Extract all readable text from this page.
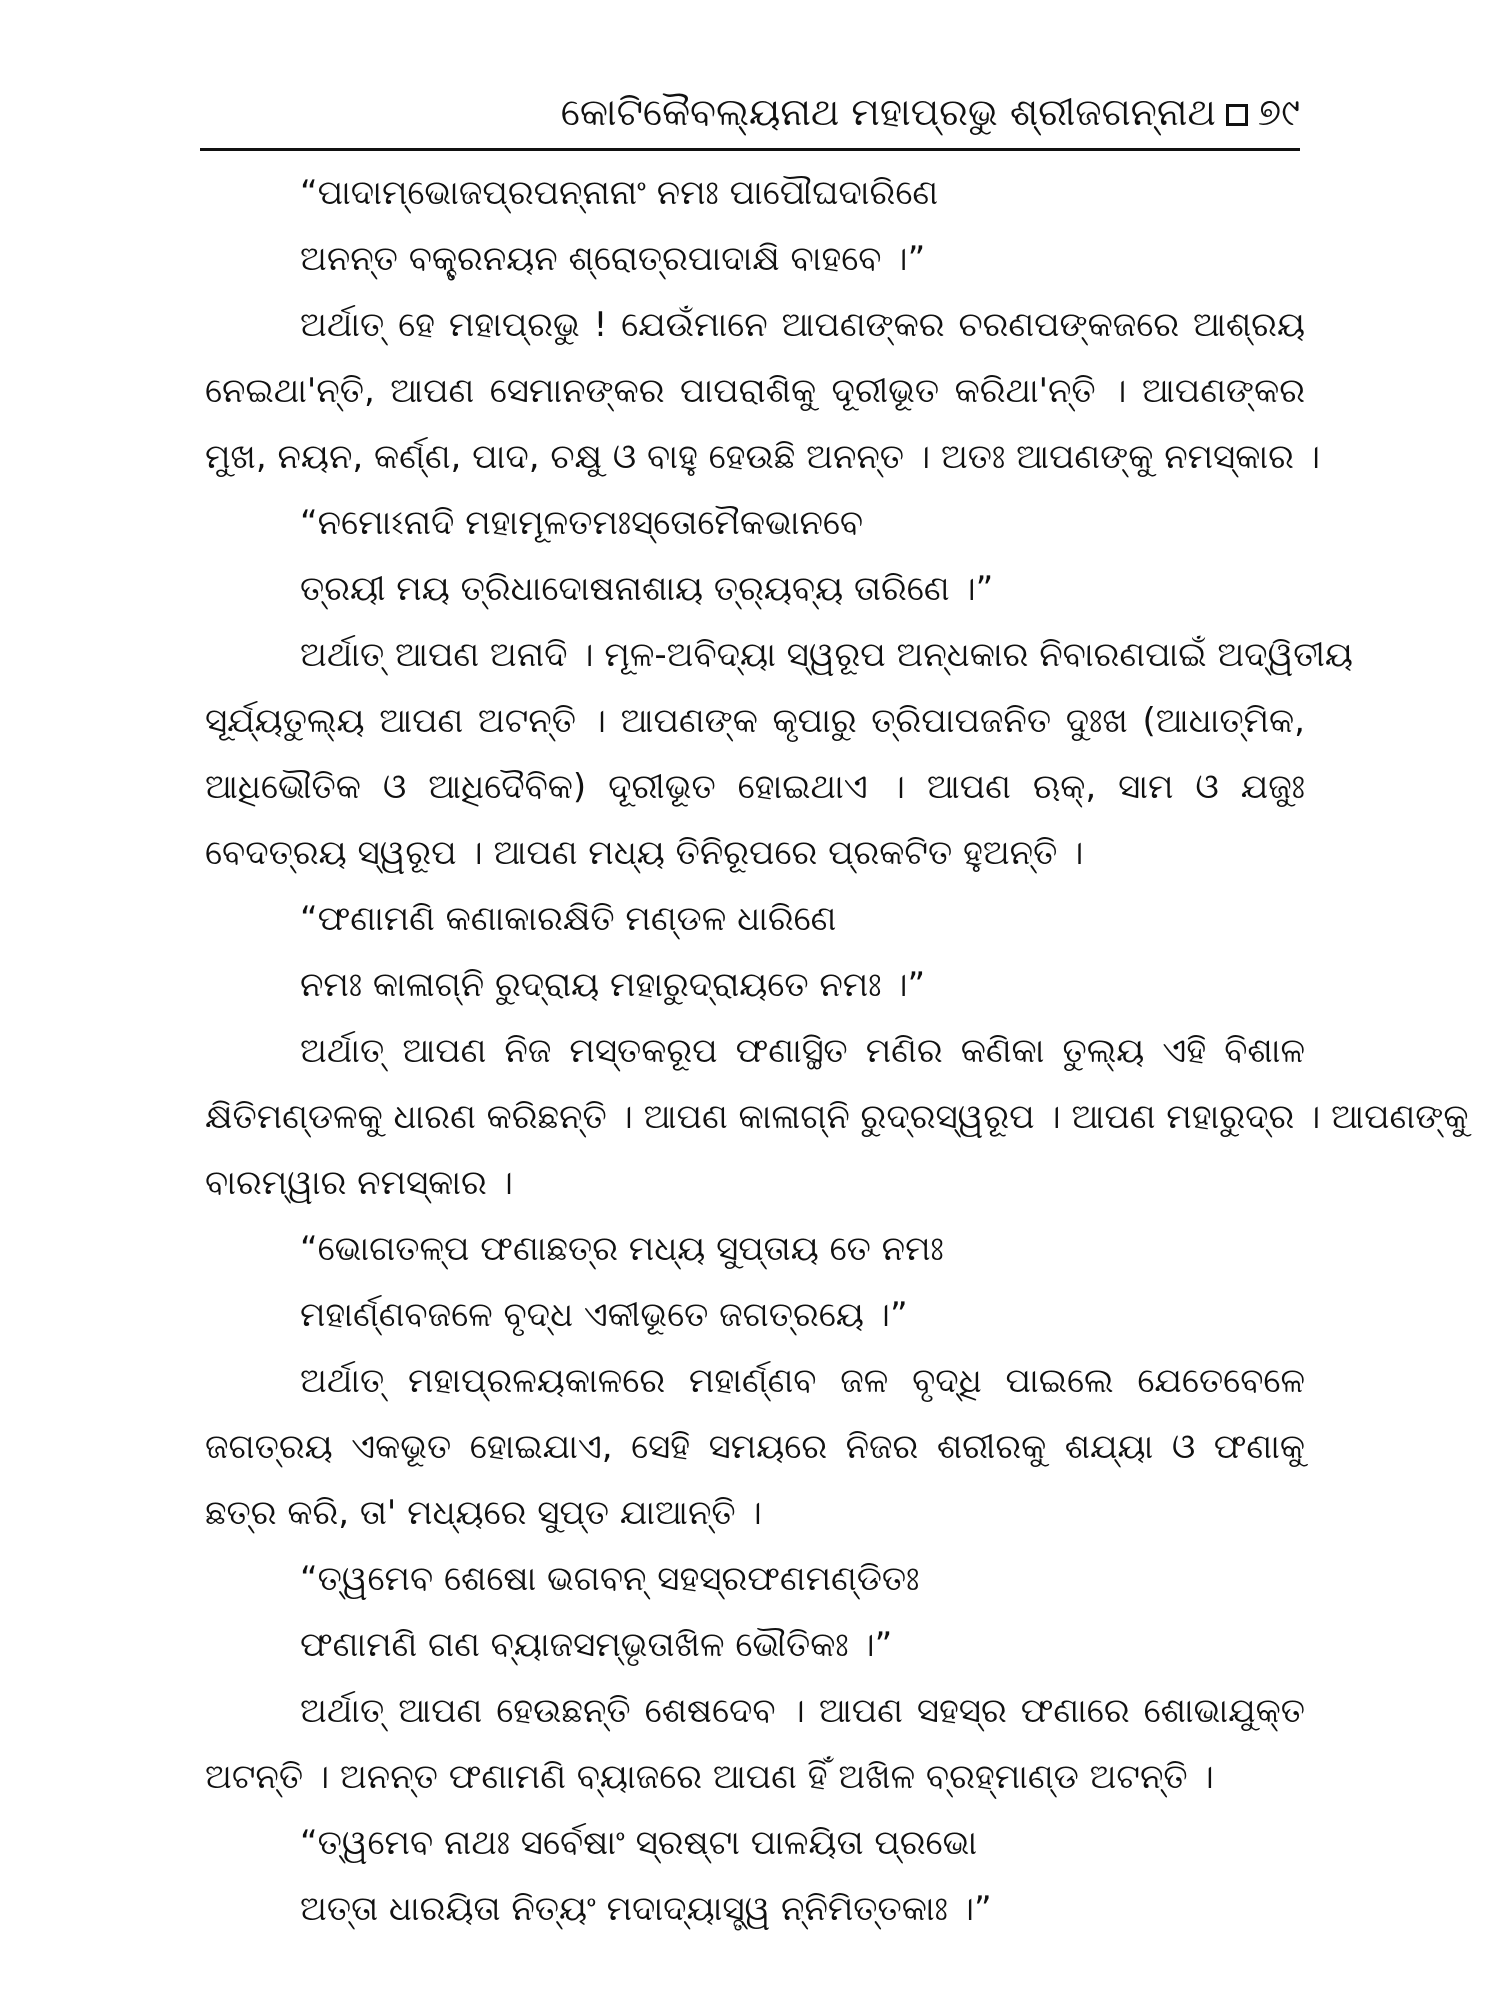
କୋଟିକୈବଲ୍ୟନାଥ ମହାପ୍ରଭୁ ଶ୍ରୀଜଗନ୍ନାଥ ୭୯
“ପାଦାମ୍ଭୋଜପ୍ରପନ୍ନାନାଂ ନମଃ ପାପୌଘଦାରିଣେ
ଅନନ୍ତ ବକ୍ତ୍ରନୟନ ଶ୍ରୋତ୍ରପାଦାକ୍ଷି ବାହବେ ।”
ଅର୍ଥାତ୍ ହେ ମହାପ୍ରଭୁ ! ଯେଉଁମାନେ ଆପଣଙ୍କର ଚରଣପଙ୍କଜରେ ଆଶ୍ରୟ
ନେଇଥା'ନ୍ତି, ଆପଣ ସେମାନଙ୍କର ପାପରାଶିକୁ ଦୂରୀଭୂତ କରିଥା'ନ୍ତି । ଆପଣଙ୍କର
ମୁଖ, ନୟନ, କର୍ଣ୍ଣ, ପାଦ, ଚକ୍ଷୁ ଓ ବାହୁ ହେଉଛି ଅନନ୍ତ । ଅତଃ ଆପଣଙ୍କୁ ନମସ୍କାର ।
“ନମୋଽନାଦି ମହାମୂଳତମଃସ୍ତୋମୈକଭାନବେ
ତ୍ରୟୀ ମୟ ତ୍ରିଧାଦୋଷନାଶାୟ ତ୍ର୍ୟବ୍ୟ ତାରିଣେ ।”
ଅର୍ଥାତ୍ ଆପଣ ଅନାଦି । ମୂଳ-ଅବିଦ୍ୟା ସ୍ୱରୂପ ଅନ୍ଧକାର ନିବାରଣପାଇଁ ଅଦ୍ୱିତୀୟ
ସୂର୍ଯ୍ୟତୁଲ୍ୟ ଆପଣ ଅଟନ୍ତି । ଆପଣଙ୍କ କୃପାରୁ ତ୍ରିପାପଜନିତ ଦୁଃଖ (ଆଧାତ୍ମିକ,
ଆଧିଭୌତିକ ଓ ଆଧିଦୈବିକ) ଦୂରୀଭୂତ ହୋଇଥାଏ । ଆପଣ ଋକ୍, ସାମ ଓ ଯଜୁଃ
ବେଦତ୍ରୟ ସ୍ୱରୂପ । ଆପଣ ମଧ୍ୟ ତିନିରୂପରେ ପ୍ରକଟିତ ହୁଅନ୍ତି ।
“ଫଣାମଣି କଣାକାରକ୍ଷିତି ମଣ୍ଡଳ ଧାରିଣେ
ନମଃ କାଳାଗ୍ନି ରୁଦ୍ରାୟ ମହାରୁଦ୍ରାୟତେ ନମଃ ।”
ଅର୍ଥାତ୍ ଆପଣ ନିଜ ମସ୍ତକରୂପ ଫଣାସ୍ଥିତ ମଣିର କଣିକା ତୁଲ୍ୟ ଏହି ବିଶାଳ
କ୍ଷିତିମଣ୍ଡଳକୁ ଧାରଣ କରିଛନ୍ତି । ଆପଣ କାଳାଗ୍ନି ରୁଦ୍ରସ୍ୱରୂପ । ଆପଣ ମହାରୁଦ୍ର । ଆପଣଙ୍କୁ
ବାରମ୍ୱାର ନମସ୍କାର ।
“ଭୋଗତଳ୍ପ ଫଣାଛତ୍ର ମଧ୍ୟ ସୁପ୍ତାୟ ତେ ନମଃ
ମହାର୍ଣ୍ଣବଜଳେ ବୃଦ୍ଧ ଏକୀଭୂତେ ଜଗତ୍ରୟେ ।”
ଅର୍ଥାତ୍ ମହାପ୍ରଳୟକାଳରେ ମହାର୍ଣ୍ଣବ ଜଳ ବୃଦ୍ଧି ପାଇଲେ ଯେତେବେଳେ
ଜଗତ୍ରୟ ଏକଭୂତ ହୋଇଯାଏ, ସେହି ସମୟରେ ନିଜର ଶରୀରକୁ ଶଯ୍ୟା ଓ ଫଣାକୁ
ଛତ୍ର କରି, ତା' ମଧ୍ୟରେ ସୁପ୍ତ ଯାଆନ୍ତି ।
“ତ୍ୱମେବ ଶେଷୋ ଭଗବନ୍ ସହସ୍ରଫଣମଣ୍ଡିତଃ
ଫଣାମଣି ଗଣ ବ୍ୟାଜସମ୍ଭୃତାଖିଳ ଭୌତିକଃ ।”
ଅର୍ଥାତ୍ ଆପଣ ହେଉଛନ୍ତି ଶେଷଦେବ । ଆପଣ ସହସ୍ର ଫଣାରେ ଶୋଭାଯୁକ୍ତ
ଅଟନ୍ତି । ଅନନ୍ତ ଫଣାମଣି ବ୍ୟାଜରେ ଆପଣ ହିଁ ଅଖିଳ ବ୍ରହ୍ମାଣ୍ଡ ଅଟନ୍ତି ।
“ତ୍ୱମେବ ନାଥଃ ସର୍ବେଷାଂ ସ୍ରଷ୍ଟା ପାଳୟିତା ପ୍ରଭୋ
ଅତ୍ତା ଧାରୟିତା ନିତ୍ୟଂ ମଦାଦ୍ୟାସ୍ତ୍ୱ ନ୍ନିମିତ୍ତକାଃ ।”
